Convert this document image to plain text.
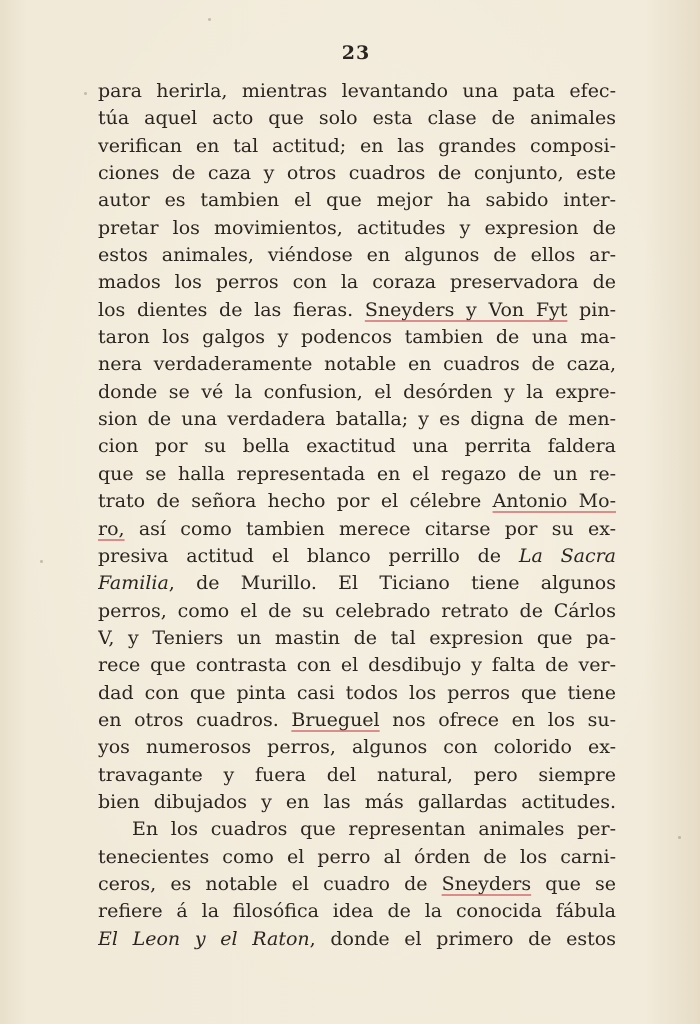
23
para herirla, mientras levantando una pata efec-
túa aquel acto que solo esta clase de animales
verifican en tal actitud; en las grandes composi-
ciones de caza y otros cuadros de conjunto, este
autor es tambien el que mejor ha sabido inter-
pretar los movimientos, actitudes y expresion de
estos animales, viéndose en algunos de ellos ar-
mados los perros con la coraza preservadora de
los dientes de las fieras. Sneyders y Von Fyt pin-
taron los galgos y podencos tambien de una ma-
nera verdaderamente notable en cuadros de caza,
donde se vé la confusion, el desórden y la expre-
sion de una verdadera batalla; y es digna de men-
cion por su bella exactitud una perrita faldera
que se halla representada en el regazo de un re-
trato de señora hecho por el célebre Antonio Mo-
ro, así como tambien merece citarse por su ex-
presiva actitud el blanco perrillo de La Sacra
Familia, de Murillo. El Ticiano tiene algunos
perros, como el de su celebrado retrato de Cárlos
V, y Teniers un mastin de tal expresion que pa-
rece que contrasta con el desdibujo y falta de ver-
dad con que pinta casi todos los perros que tiene
en otros cuadros. Brueguel nos ofrece en los su-
yos numerosos perros, algunos con colorido ex-
travagante y fuera del natural, pero siempre
bien dibujados y en las más gallardas actitudes.
En los cuadros que representan animales per-
tenecientes como el perro al órden de los carni-
ceros, es notable el cuadro de Sneyders que se
refiere á la filosófica idea de la conocida fábula
El Leon y el Raton, donde el primero de estos
